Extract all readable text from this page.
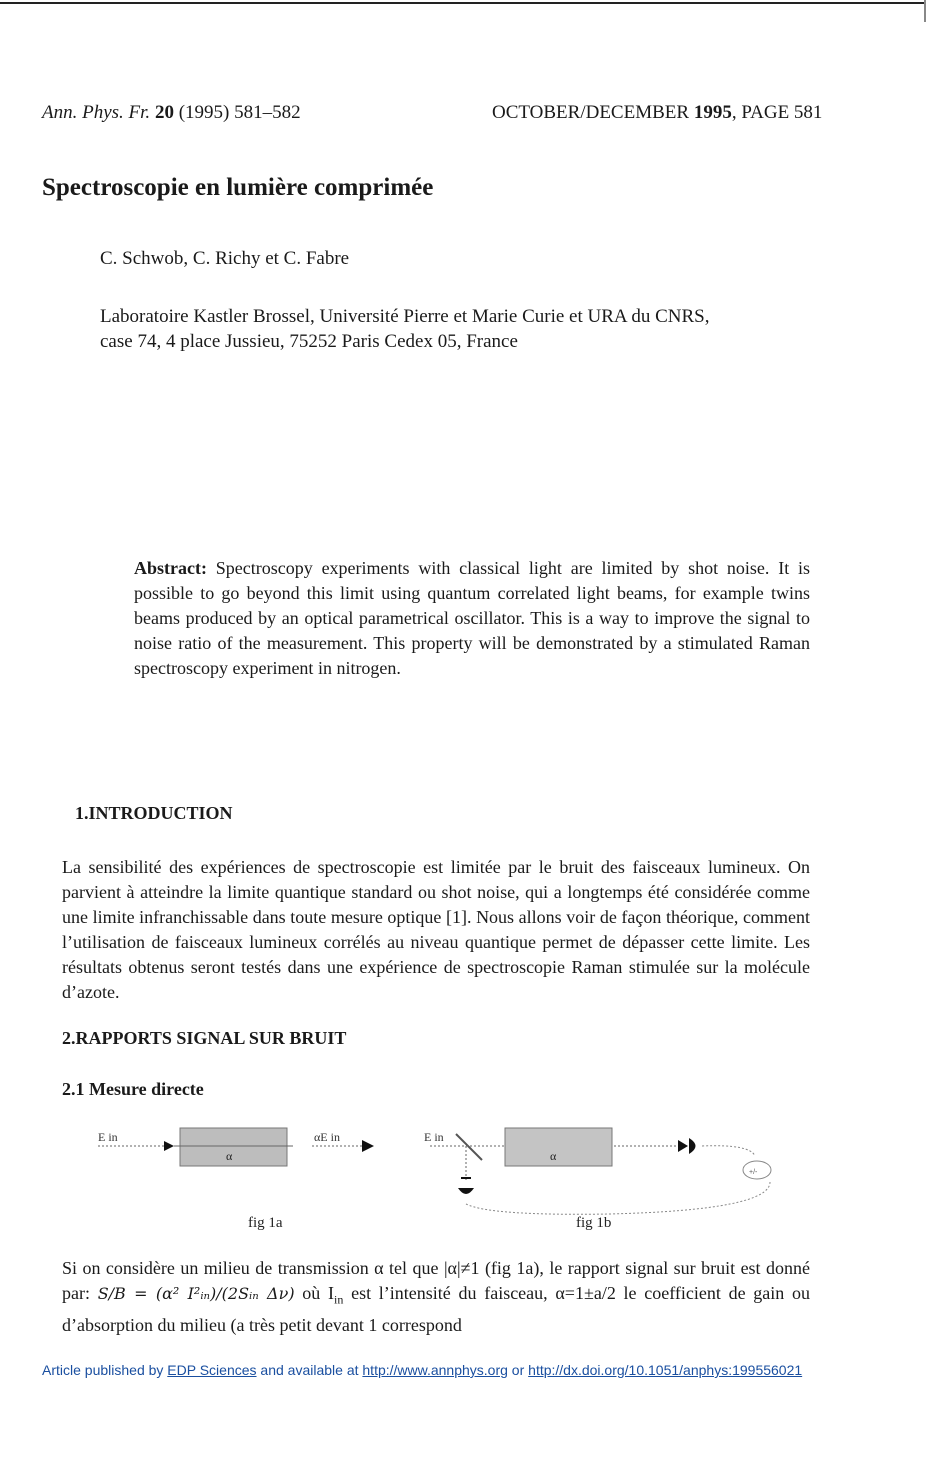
Ann. Phys. Fr. 20 (1995) 581–582	OCTOBER/DECEMBER 1995, PAGE 581
Spectroscopie en lumière comprimée
C. Schwob, C. Richy et C. Fabre

Laboratoire Kastler Brossel, Université Pierre et Marie Curie et URA du CNRS,

case 74, 4 place Jussieu, 75252 Paris Cedex 05, France

Abstract: Spectroscopy experiments with classical light are limited by shot noise. It is possible to go beyond this limit using quantum correlated light beams, for example twins beams produced by an optical parametrical oscillator. This is a way to improve the signal to noise ratio of the measurement. This property will be demonstrated by a stimulated Raman spectroscopy experiment in nitrogen.
1.INTRODUCTION
La sensibilité des expériences de spectroscopie est limitée par le bruit des faisceaux lumineux. On parvient à atteindre la limite quantique standard ou shot noise, qui a longtemps été considérée comme une limite infranchissable dans toute mesure optique [1]. Nous allons voir de façon théorique, comment l’utilisation de faisceaux lumineux corrélés au niveau quantique permet de dépasser cette limite. Les résultats obtenus seront testés dans une expérience de spectroscopie Raman stimulée sur la molécule d’azote.
2.RAPPORTS SIGNAL SUR BRUIT
2.1 Mesure directe
E in
α
αE in
fig 1a
E in
α
+/-
fig 1b
Si on considère un milieu de transmission α tel que |α|≠1 (fig 1a), le rapport signal sur bruit est donné par: S/B = (α² I²ᵢₙ)/(2Sᵢₙ Δν) où $I_{in}$ est l’intensité du faisceau, α=1±a/2 le coefficient de gain ou d’absorption du milieu (a très petit devant 1 correspond
Article published by EDP Sciences and available at http://www.annphys.org or http://dx.doi.org/10.1051/anphys:199556021
